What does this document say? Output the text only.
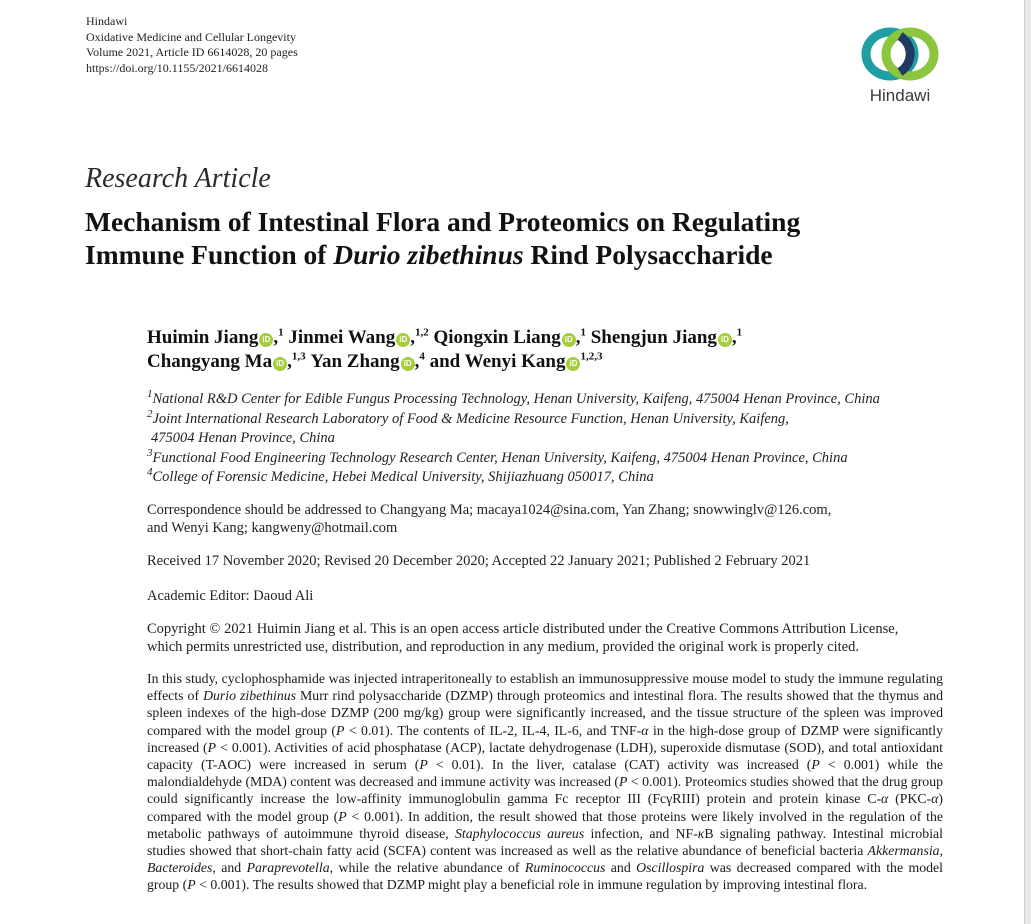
Hindawi
Oxidative Medicine and Cellular Longevity
Volume 2021, Article ID 6614028, 20 pages
https://doi.org/10.1155/2021/6614028
Hindawi
Research Article
Mechanism of Intestinal Flora and Proteomics on Regulating
Immune Function of Durio zibethinus Rind Polysaccharide
Huimin Jiang iD ,$^1$ Jinmei Wang iD ,$^{1,2}$ Qiongxin Liang iD ,$^1$ Shengjun Jiang iD ,$^1$
Changyang Ma iD ,$^{1,3}$ Yan Zhang iD ,$^4$ and Wenyi Kang iD$^{1,2,3}$
$^1$National R&D Center for Edible Fungus Processing Technology, Henan University, Kaifeng, 475004 Henan Province, China
$^2$Joint International Research Laboratory of Food & Medicine Resource Function, Henan University, Kaifeng,
475004 Henan Province, China
$^3$Functional Food Engineering Technology Research Center, Henan University, Kaifeng, 475004 Henan Province, China
$^4$College of Forensic Medicine, Hebei Medical University, Shijiazhuang 050017, China
Correspondence should be addressed to Changyang Ma; macaya1024@sina.com, Yan Zhang; snowwinglv@126.com,
and Wenyi Kang; kangweny@hotmail.com
Received 17 November 2020; Revised 20 December 2020; Accepted 22 January 2021; Published 2 February 2021
Academic Editor: Daoud Ali
Copyright © 2021 Huimin Jiang et al. This is an open access article distributed under the Creative Commons Attribution License,
which permits unrestricted use, distribution, and reproduction in any medium, provided the original work is properly cited.
In this study, cyclophosphamide was injected intraperitoneally to establish an immunosuppressive mouse model to study the immune regulating effects of Durio zibethinus Murr rind polysaccharide (DZMP) through proteomics and intestinal flora. The results showed that the thymus and spleen indexes of the high-dose DZMP (200 mg/kg) group were significantly increased, and the tissue structure of the spleen was improved compared with the model group (P < 0.01). The contents of IL-2, IL-4, IL-6, and TNF-α in the high-dose group of DZMP were significantly increased (P < 0.001). Activities of acid phosphatase (ACP), lactate dehydrogenase (LDH), superoxide dismutase (SOD), and total antioxidant capacity (T-AOC) were increased in serum (P < 0.01). In the liver, catalase (CAT) activity was increased (P < 0.001) while the malondialdehyde (MDA) content was decreased and immune activity was increased (P < 0.001). Proteomics studies showed that the drug group could significantly increase the low-affinity immunoglobulin gamma Fc receptor III (FcγRIII) protein and protein kinase C-α (PKC-α) compared with the model group (P < 0.001). In addition, the result showed that those proteins were likely involved in the regulation of the metabolic pathways of autoimmune thyroid disease, Staphylococcus aureus infection, and NF-κB signaling pathway. Intestinal microbial studies showed that short-chain fatty acid (SCFA) content was increased as well as the relative abundance of beneficial bacteria Akkermansia, Bacteroides, and Paraprevotella, while the relative abundance of Ruminococcus and Oscillospira was decreased compared with the model group (P < 0.001). The results showed that DZMP might play a beneficial role in immune regulation by improving intestinal flora.
